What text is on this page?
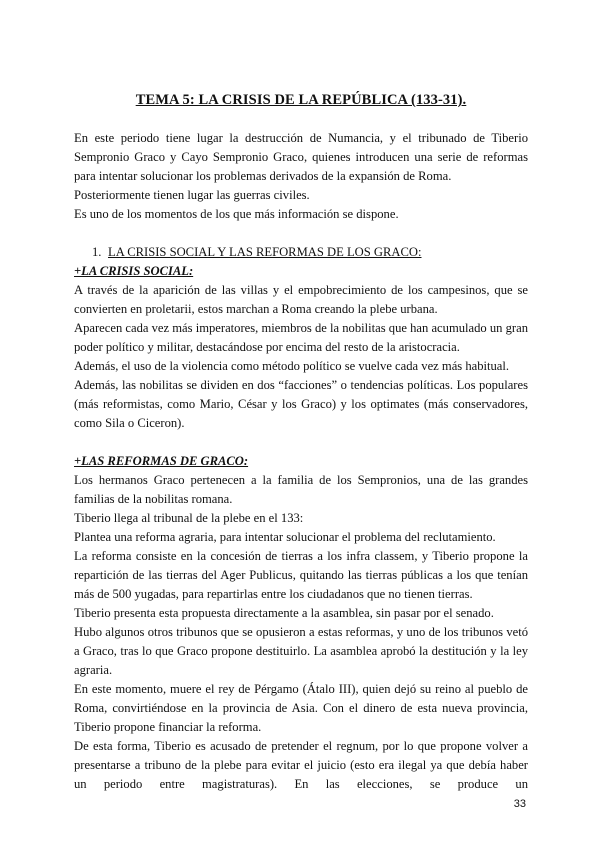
TEMA 5: LA CRISIS DE LA REPÚBLICA (133-31).

En este periodo tiene lugar la destrucción de Numancia, y el tribunado de Tiberio Sempronio Graco y Cayo Sempronio Graco, quienes introducen una serie de reformas para intentar solucionar los problemas derivados de la expansión de Roma.

Posteriormente tienen lugar las guerras civiles.

Es uno de los momentos de los que más información se dispone.

1. LA CRISIS SOCIAL Y LAS REFORMAS DE LOS GRACO:

+LA CRISIS SOCIAL:

A través de la aparición de las villas y el empobrecimiento de los campesinos, que se convierten en proletarii, estos marchan a Roma creando la plebe urbana.

Aparecen cada vez más imperatores, miembros de la nobilitas que han acumulado un gran poder político y militar, destacándose por encima del resto de la aristocracia.

Además, el uso de la violencia como método político se vuelve cada vez más habitual.

Además, las nobilitas se dividen en dos “facciones” o tendencias políticas. Los populares (más reformistas, como Mario, César y los Graco) y los optimates (más conservadores, como Sila o Ciceron).

+LAS REFORMAS DE GRACO:

Los hermanos Graco pertenecen a la familia de los Sempronios, una de las grandes familias de la nobilitas romana.

Tiberio llega al tribunal de la plebe en el 133:

Plantea una reforma agraria, para intentar solucionar el problema del reclutamiento.

La reforma consiste en la concesión de tierras a los infra classem, y Tiberio propone la repartición de las tierras del Ager Publicus, quitando las tierras públicas a los que tenían más de 500 yugadas, para repartirlas entre los ciudadanos que no tienen tierras.

Tiberio presenta esta propuesta directamente a la asamblea, sin pasar por el senado.

Hubo algunos otros tribunos que se opusieron a estas reformas, y uno de los tribunos vetó a Graco, tras lo que Graco propone destituirlo. La asamblea aprobó la destitución y la ley agraria.

En este momento, muere el rey de Pérgamo (Átalo III), quien dejó su reino al pueblo de Roma, convirtiéndose en la provincia de Asia. Con el dinero de esta nueva provincia, Tiberio propone financiar la reforma.

De esta forma, Tiberio es acusado de pretender el regnum, por lo que propone volver a presentarse a tribuno de la plebe para evitar el juicio (esto era ilegal ya que debía haber un periodo entre magistraturas). En las elecciones, se produce un

33
